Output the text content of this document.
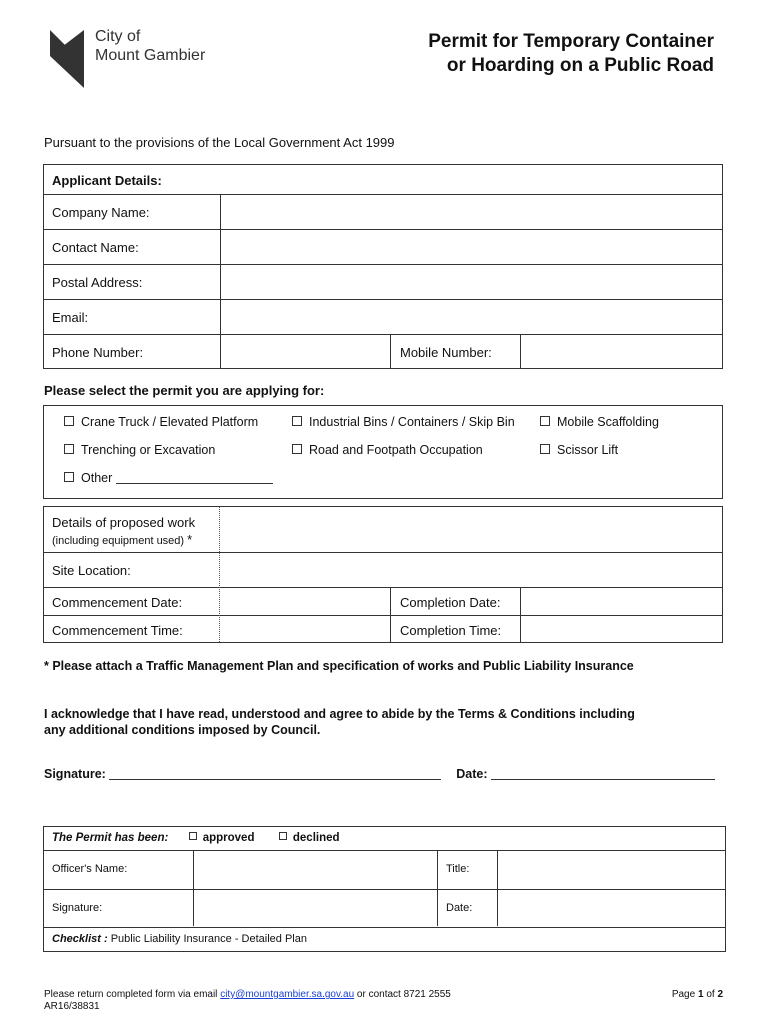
City of
Mount Gambier
Permit for Temporary Container
or Hoarding on a Public Road
Pursuant to the provisions of the Local Government Act 1999
Applicant Details:
Company Name:
Contact Name:
Postal Address:
Email:
Phone Number:	Mobile Number:
Please select the permit you are applying for:
Crane Truck / Elevated Platform	Industrial Bins / Containers / Skip Bin	Mobile Scaffolding
Trenching or Excavation	Road and Footpath Occupation	Scissor Lift
Other
Details of proposed work
(including equipment used) *
Site Location:
Commencement Date:	Completion Date:
Commencement Time:	Completion Time:
* Please attach a Traffic Management Plan and specification of works and Public Liability Insurance
I acknowledge that I have read, understood and agree to abide by the Terms & Conditions including
any additional conditions imposed by Council.
Signature:	Date:
The Permit has been:	approved	declined
Officer's Name:	Title:
Signature:	Date:
Checklist : Public Liability Insurance - Detailed Plan
Please return completed form via email city@mountgambier.sa.gov.au or contact 8721 2555
AR16/38831
Page 1 of 2
